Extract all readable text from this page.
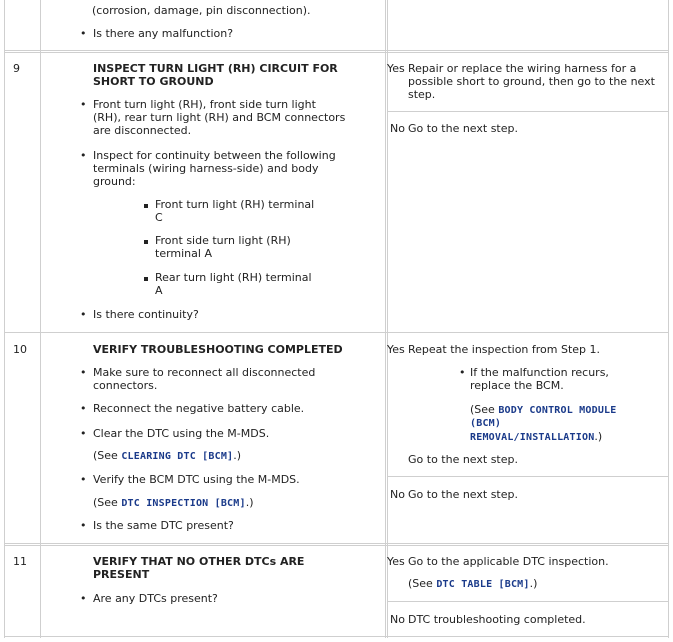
(corrosion, damage, pin disconnection).
• Is there any malfunction?
9	INSPECT TURN LIGHT (RH) CIRCUIT FOR
SHORT TO GROUND
• Front turn light (RH), front side turn light
(RH), rear turn light (RH) and BCM connectors
are disconnected.
• Inspect for continuity between the following
terminals (wiring harness-side) and body
ground:
Front turn light (RH) terminal
C
Front side turn light (RH)
terminal A
Rear turn light (RH) terminal
A
• Is there continuity?
Yes Repair or replace the wiring harness for a
possible short to ground, then go to the next
step.
No Go to the next step.
10	VERIFY TROUBLESHOOTING COMPLETED
• Make sure to reconnect all disconnected
connectors.
• Reconnect the negative battery cable.
• Clear the DTC using the M-MDS.
(See CLEARING DTC [BCM].)
• Verify the BCM DTC using the M-MDS.
(See DTC INSPECTION [BCM].)
• Is the same DTC present?
Yes Repeat the inspection from Step 1.
• If the malfunction recurs,
replace the BCM.
(See BODY CONTROL MODULE
(BCM)
REMOVAL/INSTALLATION.)
Go to the next step.
No Go to the next step.
11	VERIFY THAT NO OTHER DTCs ARE
PRESENT
• Are any DTCs present?
Yes Go to the applicable DTC inspection.
(See DTC TABLE [BCM].)
No DTC troubleshooting completed.
